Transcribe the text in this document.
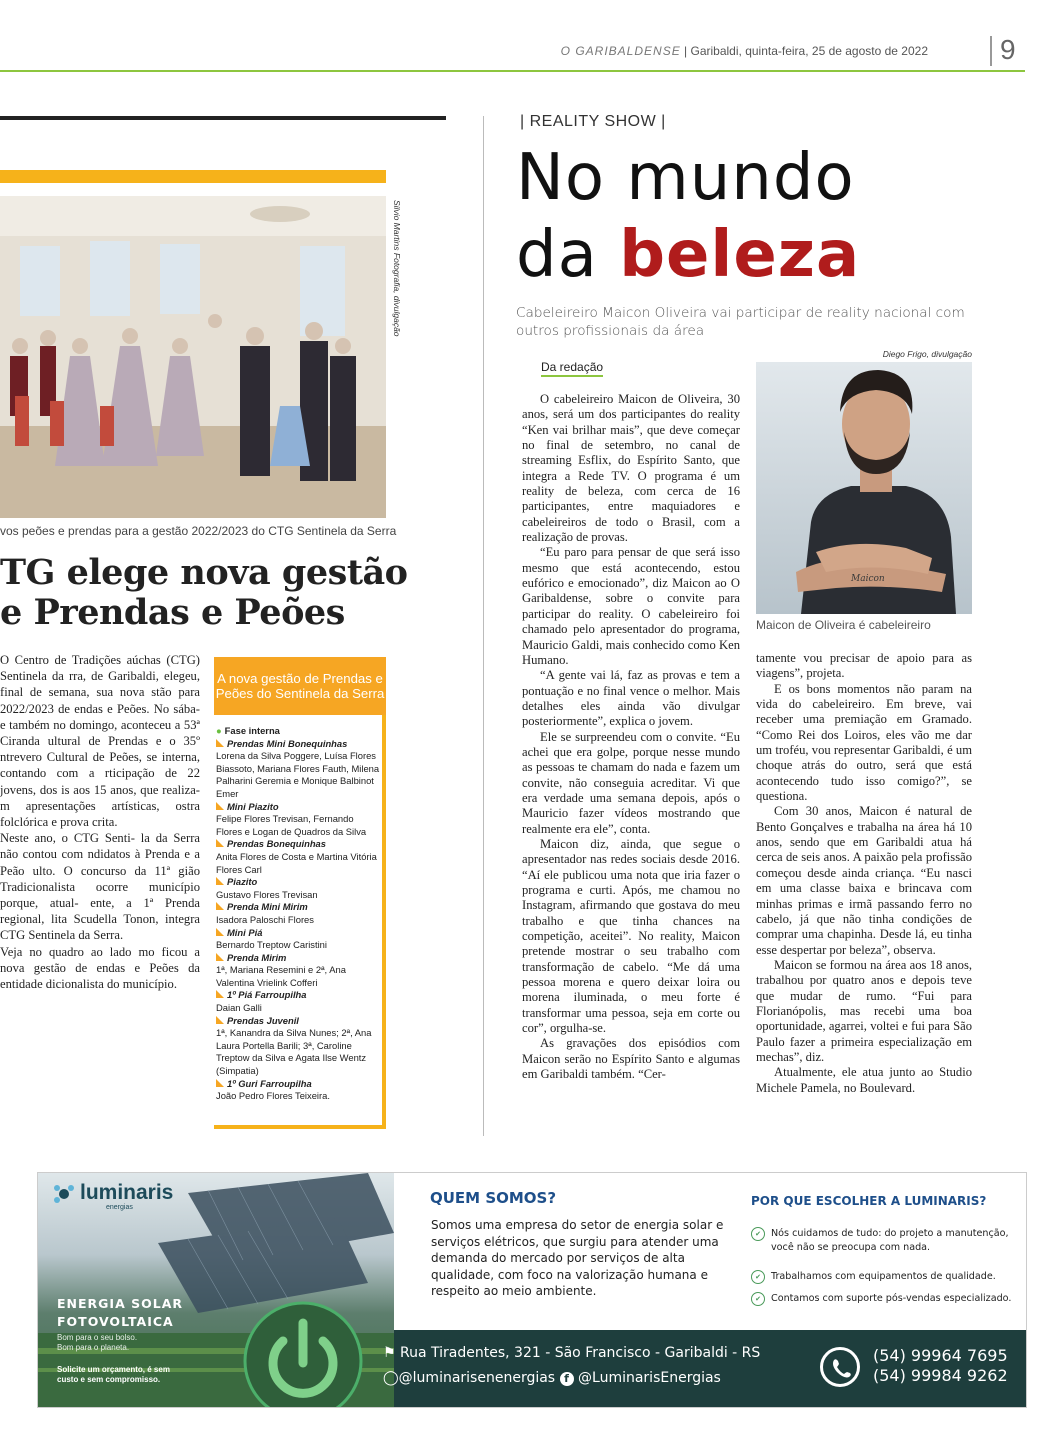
O GARIBALDENSE | Garibaldi, quinta-feira, 25 de agosto de 2022	9
Silvio Martins Fotografia, divulgação
vos peões e prendas para a gestão 2022/2023 do CTG Sentinela da Serra
TG elege nova gestão
e Prendas e Peões

O Centro de Tradições aúchas (CTG) Sentinela da rra, de Garibaldi, elegeu, final de semana, sua nova stão para 2022/2023 de endas e Peões. No sába- e também no domingo, aconteceu a 53ª Ciranda ultural de Prendas e o 35º ntrevero Cultural de Peões, se interna, contando com a rticipação de 22 jovens, dos is aos 15 anos, que realiza- m apresentações artísticas, ostra folclórica e prova crita.

Neste ano, o CTG Senti- la da Serra não contou com ndidatos à Prenda e a Peão ulto. O concurso da 11ª gião Tradicionalista ocorre município porque, atual- ente, a 1ª Prenda regional, lita Scudella Tonon, integra CTG Sentinela da Serra.

Veja no quadro ao lado mo ficou a nova gestão de endas e Peões da entidade dicionalista do município.

A nova gestão de Prendas e Peões do Sentinela da Serra
● Fase interna
Prendas Mini Bonequinhas
Lorena da Silva Poggere, Luísa Flores Biassoto, Mariana Flores Fauth, Milena Palharini Geremia e Monique Balbinot Emer
Mini Piazito
Felipe Flores Trevisan, Fernando Flores e Logan de Quadros da Silva
Prendas Bonequinhas
Anita Flores de Costa e Martina Vitória Flores Carl
Piazito
Gustavo Flores Trevisan
Prenda Mini Mirim
Isadora Paloschi Flores
Mini Piá
Bernardo Treptow Caristini
Prenda Mirim
1ª, Mariana Resemini e 2ª, Ana Valentina Vrielink Cofferi
1º Piá Farroupilha
Daian Galli
Prendas Juvenil
1ª, Kanandra da Silva Nunes; 2ª, Ana Laura Portella Barili; 3ª, Caroline Treptow da Silva e Agata Ilse Wentz (Simpatia)
1º Guri Farroupilha
João Pedro Flores Teixeira.
| REALITY SHOW |
No mundo
da beleza
Cabeleireiro Maicon Oliveira vai participar de reality nacional com outros profissionais da área
Diego Frigo, divulgação
Maicon
Maicon de Oliveira é cabeleireiro
Da redação

O cabeleireiro Maicon de Oliveira, 30 anos, será um dos participantes do reality “Ken vai brilhar mais”, que deve começar no final de setembro, no canal de streaming Esflix, do Espírito Santo, que integra a Rede TV. O programa é um reality de beleza, com cerca de 16 participantes, entre maquiadores e cabeleireiros de todo o Brasil, com a realização de provas.

“Eu paro para pensar de que será isso mesmo que está acontecendo, estou eufórico e emocionado”, diz Maicon ao O Garibaldense, sobre o convite para participar do reality. O cabeleireiro foi chamado pelo apresentador do programa, Mauricio Galdi, mais conhecido como Ken Humano.

“A gente vai lá, faz as provas e tem a pontuação e no final vence o melhor. Mais detalhes eles ainda vão divulgar posteriormente”, explica o jovem.

Ele se surpreendeu com o convite. “Eu achei que era golpe, porque nesse mundo as pessoas te chamam do nada e fazem um convite, não conseguia acreditar. Vi que era verdade uma semana depois, após o Mauricio fazer vídeos mostrando que realmente era ele”, conta.

Maicon diz, ainda, que segue o apresentador nas redes sociais desde 2016. “Aí ele publicou uma nota que iria fazer o programa e curti. Após, me chamou no Instagram, afirmando que gostava do meu trabalho e que tinha chances na competição, aceitei”. No reality, Maicon pretende mostrar o seu trabalho com transformação de cabelo. “Me dá uma pessoa morena e quero deixar loira ou morena iluminada, o meu forte é transformar uma pessoa, seja em corte ou cor”, orgulha-se.

As gravações dos episódios com Maicon serão no Espírito Santo e algumas em Garibaldi também. “Cer-

tamente vou precisar de apoio para as viagens”, projeta.

E os bons momentos não param na vida do cabeleireiro. Em breve, vai receber uma premiação em Gramado. “Como Rei dos Loiros, eles vão me dar um troféu, vou representar Garibaldi, é um choque atrás do outro, será que está acontecendo tudo isso comigo?”, se questiona.

Com 30 anos, Maicon é natural de Bento Gonçalves e trabalha na área há 10 anos, sendo que em Garibaldi atua há cerca de seis anos. A paixão pela profissão começou desde ainda criança. “Eu nasci em uma classe baixa e brincava com minhas primas e irmã passando ferro no cabelo, já que não tinha condições de comprar uma chapinha. Desde lá, eu tinha esse despertar por beleza”, observa.

Maicon se formou na área aos 18 anos, trabalhou por quatro anos e depois teve que mudar de rumo. “Fui para Florianópolis, mas recebi uma boa oportunidade, agarrei, voltei e fui para São Paulo fazer a primeira especialização em mechas”, diz.

Atualmente, ele atua junto ao Studio Michele Pamela, no Boulevard.

luminaris
energias
ENERGIA SOLAR
FOTOVOLTAICA
Bom para o seu bolso.
Bom para o planeta.
Solicite um orçamento, é sem
custo e sem compromisso.
QUEM SOMOS?
Somos uma empresa do setor de energia solar e serviços elétricos, que surgiu para atender uma demanda do mercado por serviços de alta qualidade, com foco na valorização humana e respeito ao meio ambiente.
POR QUE ESCOLHER A LUMINARIS?
✔ Nós cuidamos de tudo: do projeto a manutenção, você não se preocupa com nada.
✔ Trabalhamos com equipamentos de qualidade.
✔ Contamos com suporte pós-vendas especializado.
⚑ Rua Tiradentes, 321 - São Francisco - Garibaldi - RS
◯@luminarisenenergias f @LuminarisEnergias
(54) 99964 7695
(54) 99984 9262
